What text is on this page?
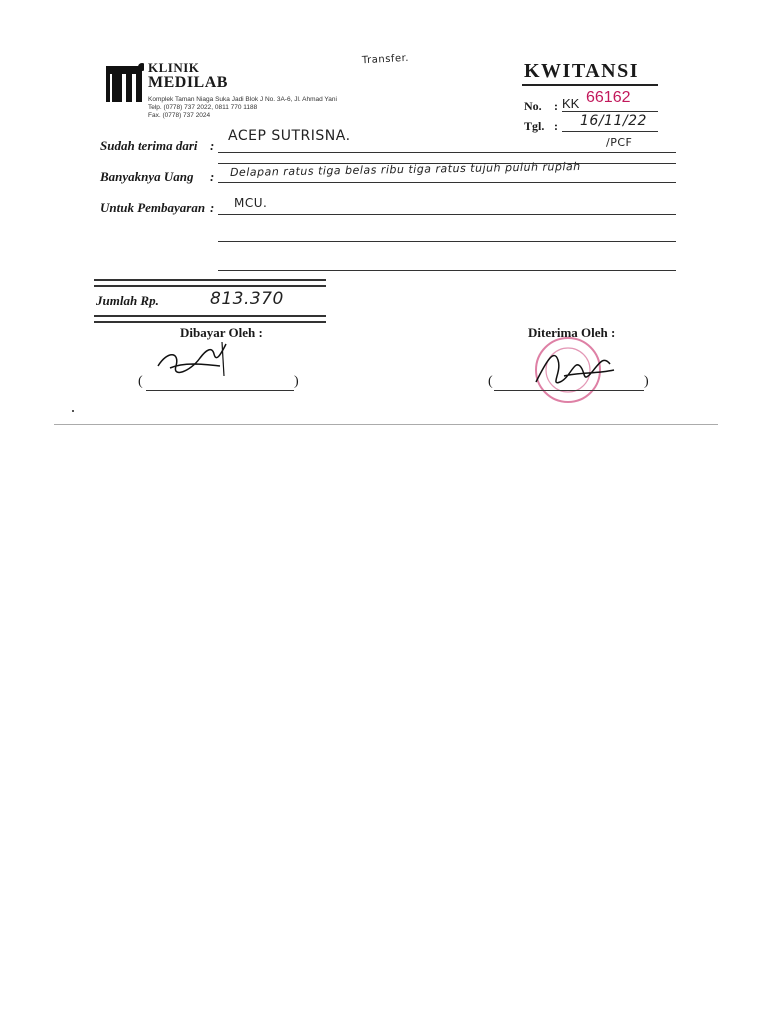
KLINIK
MEDILAB
Komplek Taman Niaga Suka Jadi Blok J No. 3A-6, Jl. Ahmad Yani
Telp. (0778) 737 2022, 0811 770 1188
Fax. (0778) 737 2024
Transfer.
KWITANSI
No. : KK 66162
Tgl. : 16/11/22
/PCF
Sudah terima dari :
ACEP SUTRISNA.
Banyaknya Uang : Delapan ratus tiga belas ribu tiga ratus tujuh puluh rupiah
Untuk Pembayaran : MCU.
Jumlah Rp.	813.370
Dibayar Oleh :
(	)
Diterima Oleh :
(	)
